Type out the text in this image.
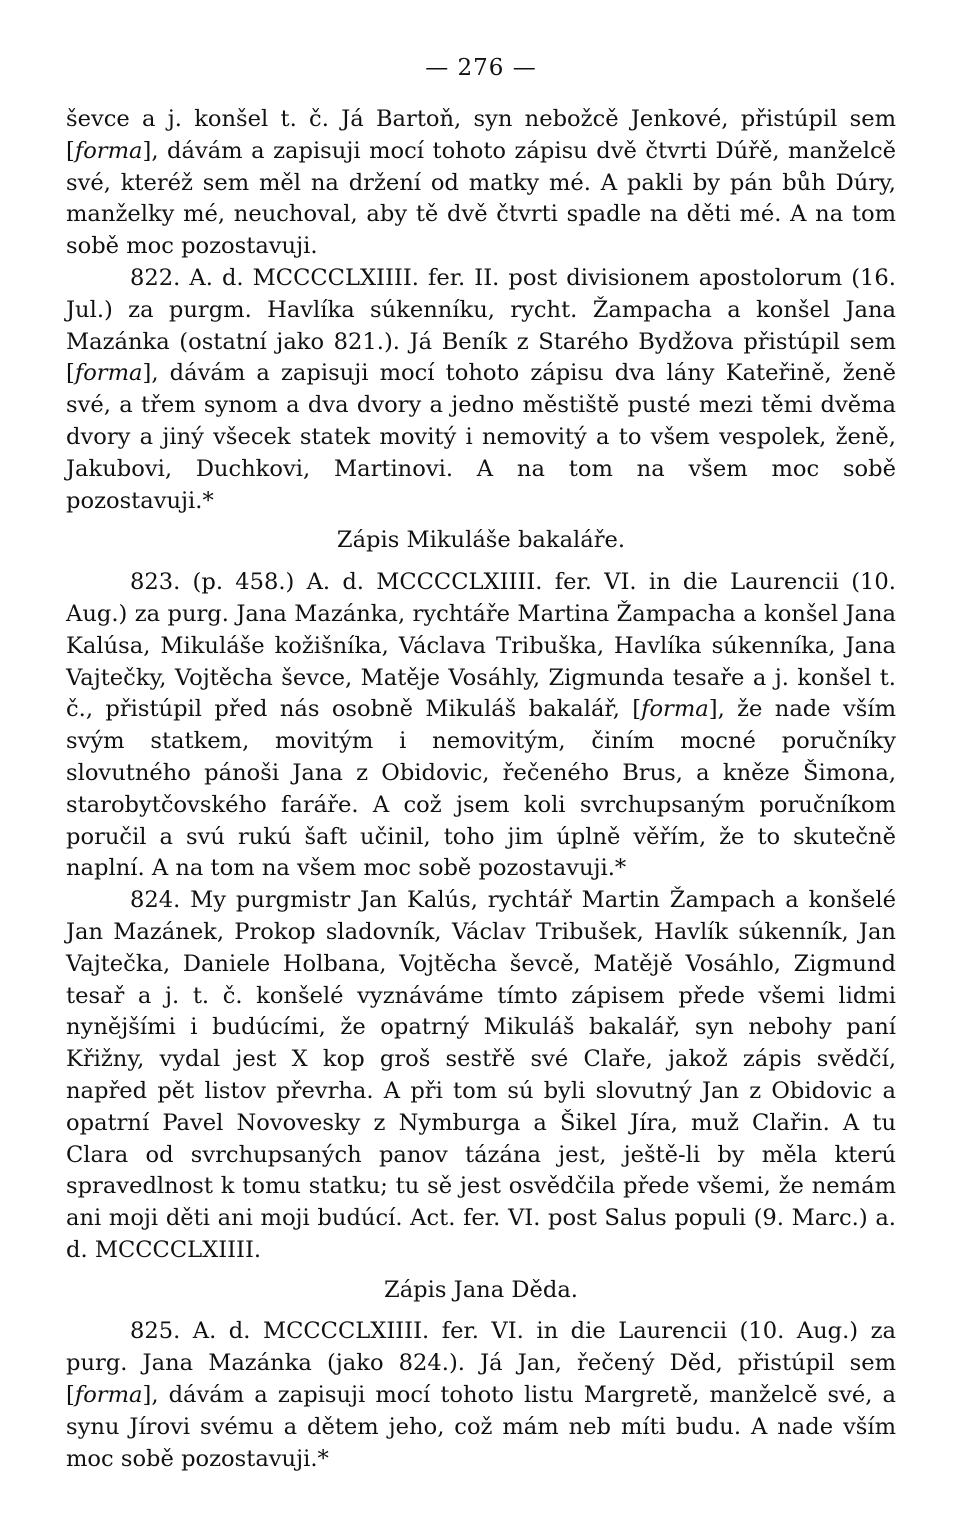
— 276 —

ševce a j. konšel t. č. Já Bartoň, syn nebožcě Jenkové, přistúpil sem [forma], dávám a zapisuji mocí tohoto zápisu dvě čtvrti Dúřě, manželcě své, kteréž sem měl na držení od matky mé. A pakli by pán bůh Dúry, manželky mé, neuchoval, aby tě dvě čtvrti spadle na děti mé. A na tom sobě moc pozostavuji.

822. A. d. MCCCCLXIIII. fer. II. post divisionem apostolorum (16. Jul.) za purgm. Havlíka súkenníku, rycht. Žampacha a konšel Jana Mazánka (ostatní jako 821.). Já Beník z Starého Bydžova přistúpil sem [forma], dávám a zapisuji mocí tohoto zápisu dva lány Kateřině, ženě své, a třem synom a dva dvory a jedno městiště pusté mezi těmi dvěma dvory a jiný všecek statek movitý i nemovitý a to všem vespolek, ženě, Jakubovi, Duchkovi, Martinovi. A na tom na všem moc sobě pozostavuji.*

Zápis Mikuláše bakaláře.

823. (p. 458.) A. d. MCCCCLXIIII. fer. VI. in die Laurencii (10. Aug.) za purg. Jana Mazánka, rychtáře Martina Žampacha a konšel Jana Kalúsa, Mikuláše kožišníka, Václava Tribuška, Havlíka súkenníka, Jana Vajtečky, Vojtěcha ševce, Matěje Vosáhly, Zigmunda tesaře a j. konšel t. č., přistúpil před nás osobně Mikuláš bakalář, [forma], že nade vším svým statkem, movitým i nemovitým, činím mocné poručníky slovutného pánoši Jana z Obidovic, řečeného Brus, a kněze Šimona, starobytčovského faráře. A což jsem koli svrchupsaným poručníkom poručil a svú rukú šaft učinil, toho jim úplně věřím, že to skutečně naplní. A na tom na všem moc sobě pozostavuji.*

824. My purgmistr Jan Kalús, rychtář Martin Žampach a konšelé Jan Mazánek, Prokop sladovník, Václav Tribušek, Havlík súkenník, Jan Vajtečka, Daniele Holbana, Vojtěcha ševcě, Matějě Vosáhlo, Zigmund tesař a j. t. č. konšelé vyznáváme tímto zápisem přede všemi lidmi nynějšími i budúcími, že opatrný Mikuláš bakalář, syn nebohy paní Křižny, vydal jest X kop groš sestřě své Claře, jakož zápis svědčí, napřed pět listov převrha. A při tom sú byli slovutný Jan z Obidovic a opatrní Pavel Novovesky z Nymburga a Šikel Jíra, muž Clařin. A tu Clara od svrchupsaných panov tázána jest, ještě-li by měla kterú spravedlnost k tomu statku; tu sě jest osvědčila přede všemi, že nemám ani moji děti ani moji budúcí. Act. fer. VI. post Salus populi (9. Marc.) a. d. MCCCCLXIIII.

Zápis Jana Děda.

825. A. d. MCCCCLXIIII. fer. VI. in die Laurencii (10. Aug.) za purg. Jana Mazánka (jako 824.). Já Jan, řečený Děd, přistúpil sem [forma], dávám a zapisuji mocí tohoto listu Margretě, manželcě své, a synu Jírovi svému a dětem jeho, což mám neb míti budu. A nade vším moc sobě pozostavuji.*
